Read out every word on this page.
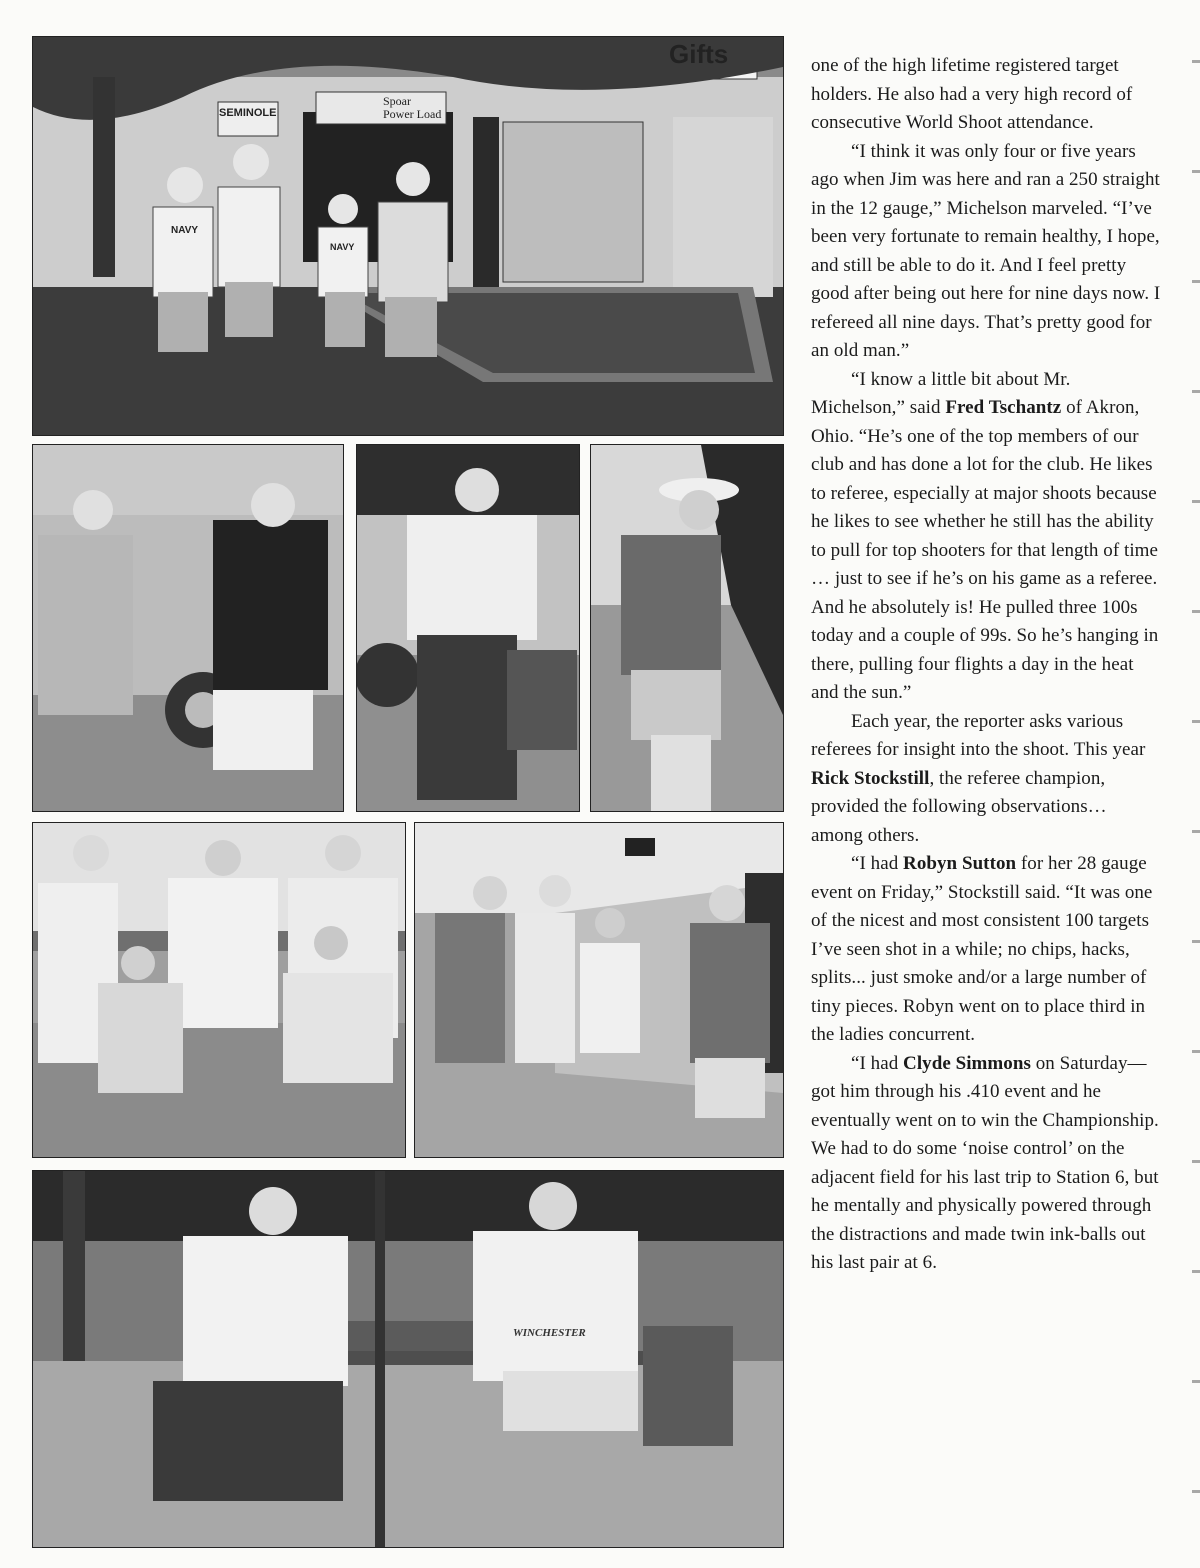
Gifts
SEMINOLE
Spoar Power Load
NAVY
NAVY
WINCHESTER

one of the high lifetime registered target holders. He also had a very high record of consecutive World Shoot attendance.

“I think it was only four or five years ago when Jim was here and ran a 250 straight in the 12 gauge,” Michelson marveled. “I’ve been very fortunate to remain healthy, I hope, and still be able to do it. And I feel pretty good after being out here for nine days now. I refereed all nine days. That’s pretty good for an old man.”

“I know a little bit about Mr. Michelson,” said Fred Tschantz of Akron, Ohio. “He’s one of the top members of our club and has done a lot for the club. He likes to referee, especially at major shoots because he likes to see whether he still has the ability to pull for top shooters for that length of time … just to see if he’s on his game as a referee. And he absolutely is! He pulled three 100s today and a couple of 99s. So he’s hanging in there, pulling four flights a day in the heat and the sun.”

Each year, the reporter asks various referees for insight into the shoot. This year Rick Stockstill, the referee champion, provided the following observations… among others.

“I had Robyn Sutton for her 28 gauge event on Friday,” Stockstill said. “It was one of the nicest and most consistent 100 targets I’ve seen shot in a while; no chips, hacks, splits... just smoke and/or a large number of tiny pieces. Robyn went on to place third in the ladies concurrent.

“I had Clyde Simmons on Saturday—got him through his .410 event and he eventually went on to win the Championship. We had to do some ‘noise control’ on the adjacent field for his last trip to Station 6, but he mentally and physically powered through the distractions and made twin ink-balls out his last pair at 6.
